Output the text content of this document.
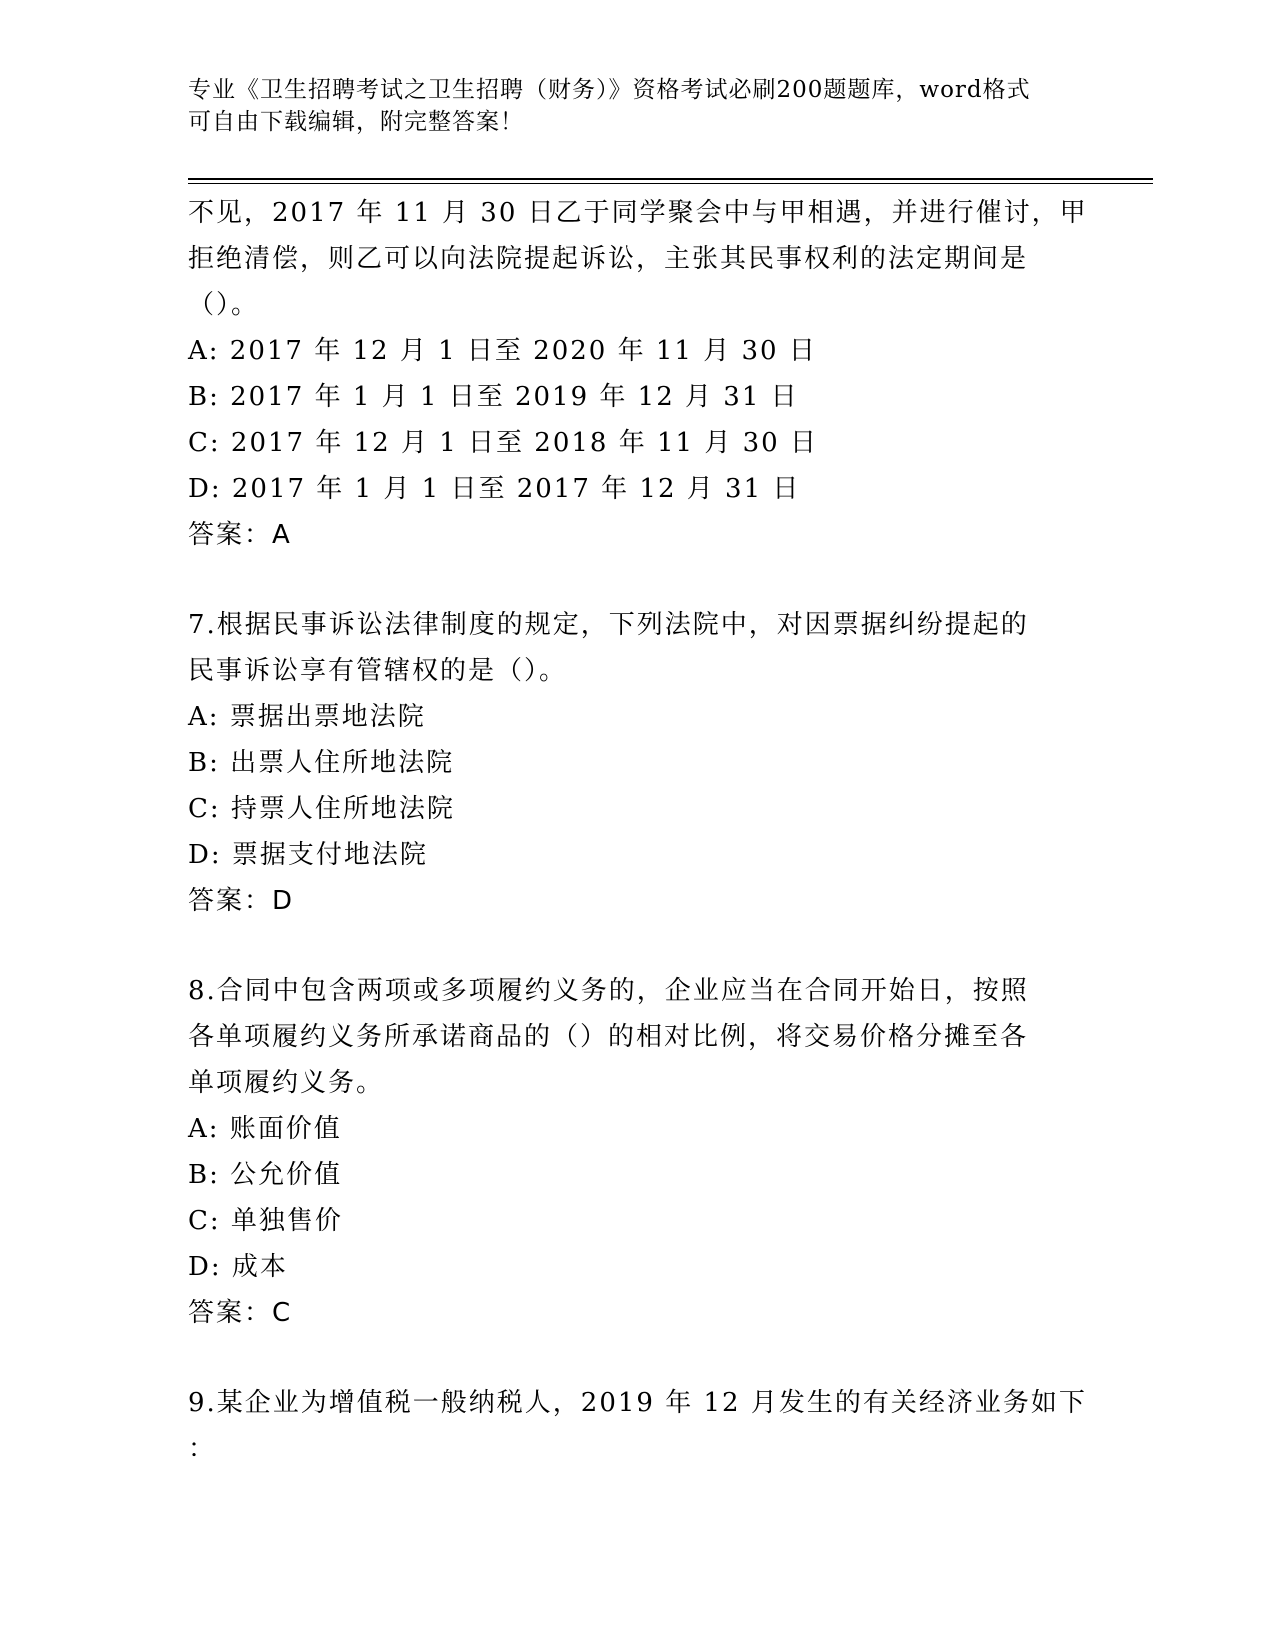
专业《卫生招聘考试之卫生招聘（财务）》资格考试必刷200题题库，word格式
可自由下载编辑，附完整答案！
不见，2017 年 11 月 30 日乙于同学聚会中与甲相遇，并进行催讨，甲
拒绝清偿，则乙可以向法院提起诉讼，主张其民事权利的法定期间是
（）。
A: 2017 年 12 月 1 日至 2020 年 11 月 30 日
B: 2017 年 1 月 1 日至 2019 年 12 月 31 日
C: 2017 年 12 月 1 日至 2018 年 11 月 30 日
D: 2017 年 1 月 1 日至 2017 年 12 月 31 日
答案：A
7.根据民事诉讼法律制度的规定，下列法院中，对因票据纠纷提起的
民事诉讼享有管辖权的是（）。
A: 票据出票地法院
B: 出票人住所地法院
C: 持票人住所地法院
D: 票据支付地法院
答案：D
8.合同中包含两项或多项履约义务的，企业应当在合同开始日，按照
各单项履约义务所承诺商品的（）的相对比例，将交易价格分摊至各
单项履约义务。
A: 账面价值
B: 公允价值
C: 单独售价
D: 成本
答案：C
9.某企业为增值税一般纳税人，2019 年 12 月发生的有关经济业务如下
：
